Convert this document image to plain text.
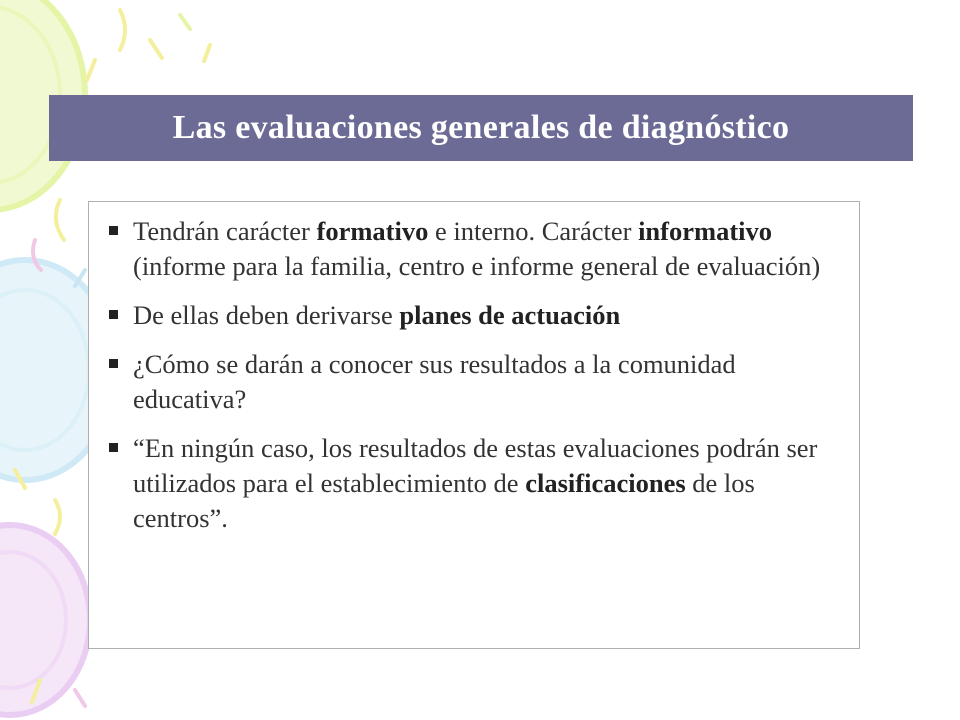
Las evaluaciones generales de diagnóstico
Tendrán carácter formativo e interno. Carácter informativo (informe para la familia, centro e informe general de evaluación)
De ellas deben derivarse planes de actuación
¿Cómo se darán a conocer sus resultados a la comunidad educativa?
“En ningún caso, los resultados de estas evaluaciones podrán ser utilizados para el establecimiento de clasificaciones de los centros”.
